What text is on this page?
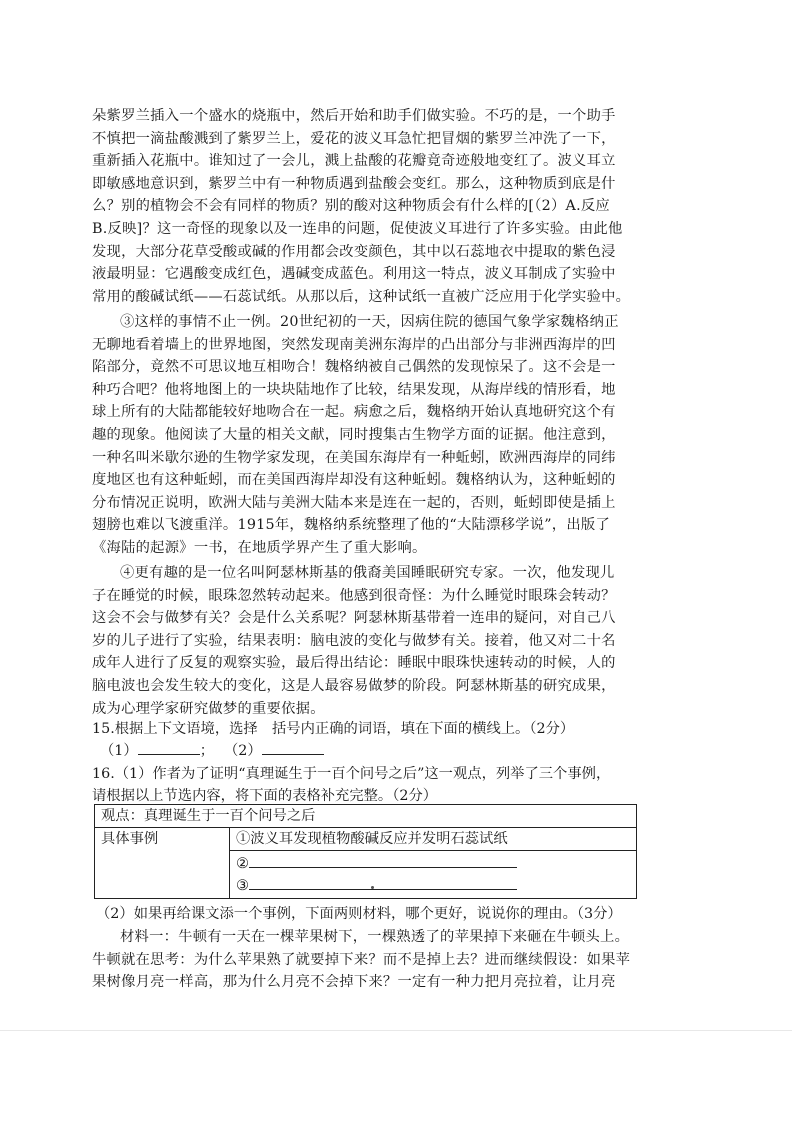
朵紫罗兰插入一个盛水的烧瓶中，然后开始和助手们做实验。不巧的是，一个助手
不慎把一滴盐酸溅到了紫罗兰上，爱花的波义耳急忙把冒烟的紫罗兰冲洗了一下，
重新插入花瓶中。谁知过了一会儿，溅上盐酸的花瓣竟奇迹般地变红了。波义耳立
即敏感地意识到，紫罗兰中有一种物质遇到盐酸会变红。那么，这种物质到底是什
么？别的植物会不会有同样的物质？别的酸对这种物质会有什么样的[（2）A.反应
B.反映]？这一奇怪的现象以及一连串的问题，促使波义耳进行了许多实验。由此他
发现，大部分花草受酸或碱的作用都会改变颜色，其中以石蕊地衣中提取的紫色浸
液最明显：它遇酸变成红色，遇碱变成蓝色。利用这一特点，波义耳制成了实验中
常用的酸碱试纸——石蕊试纸。从那以后，这种试纸一直被广泛应用于化学实验中。
③这样的事情不止一例。20世纪初的一天，因病住院的德国气象学家魏格纳正
无聊地看着墙上的世界地图，突然发现南美洲东海岸的凸出部分与非洲西海岸的凹
陷部分，竟然不可思议地互相吻合！魏格纳被自己偶然的发现惊呆了。这不会是一
种巧合吧？他将地图上的一块块陆地作了比较，结果发现，从海岸线的情形看，地
球上所有的大陆都能较好地吻合在一起。病愈之后，魏格纳开始认真地研究这个有
趣的现象。他阅读了大量的相关文献，同时搜集古生物学方面的证据。他注意到，
一种名叫米歇尔逊的生物学家发现，在美国东海岸有一种蚯蚓，欧洲西海岸的同纬
度地区也有这种蚯蚓，而在美国西海岸却没有这种蚯蚓。魏格纳认为，这种蚯蚓的
分布情况正说明，欧洲大陆与美洲大陆本来是连在一起的，否则，蚯蚓即使是插上
翅膀也难以飞渡重洋。1915年，魏格纳系统整理了他的“大陆漂移学说”，出版了
《海陆的起源》一书，在地质学界产生了重大影响。
④更有趣的是一位名叫阿瑟林斯基的俄裔美国睡眠研究专家。一次，他发现儿
子在睡觉的时候，眼珠忽然转动起来。他感到很奇怪：为什么睡觉时眼珠会转动？
这会不会与做梦有关？会是什么关系呢？阿瑟林斯基带着一连串的疑问，对自己八
岁的儿子进行了实验，结果表明：脑电波的变化与做梦有关。接着，他又对二十名
成年人进行了反复的观察实验，最后得出结论：睡眠中眼珠快速转动的时候，人的
脑电波也会发生较大的变化，这是人最容易做梦的阶段。阿瑟林斯基的研究成果，
成为心理学家研究做梦的重要依据。
15.根据上下文语境，选择　括号内正确的词语，填在下面的横线上。（2分）
（1）	； （2）
16.（1）作者为了证明“真理诞生于一百个问号之后”这一观点，列举了三个事例，
请根据以上节选内容，将下面的表格补充完整。（2分）
观点：真理诞生于一百个问号之后
具体事例	①波义耳发现植物酸碱反应并发明石蕊试纸
②
③
（2）如果再给课文添一个事例，下面两则材料，哪个更好，说说你的理由。（3分）
材料一：牛顿有一天在一棵苹果树下，一棵熟透了的苹果掉下来砸在牛顿头上。
牛顿就在思考：为什么苹果熟了就要掉下来？而不是掉上去？进而继续假设：如果苹
果树像月亮一样高，那为什么月亮不会掉下来？一定有一种力把月亮拉着，让月亮
